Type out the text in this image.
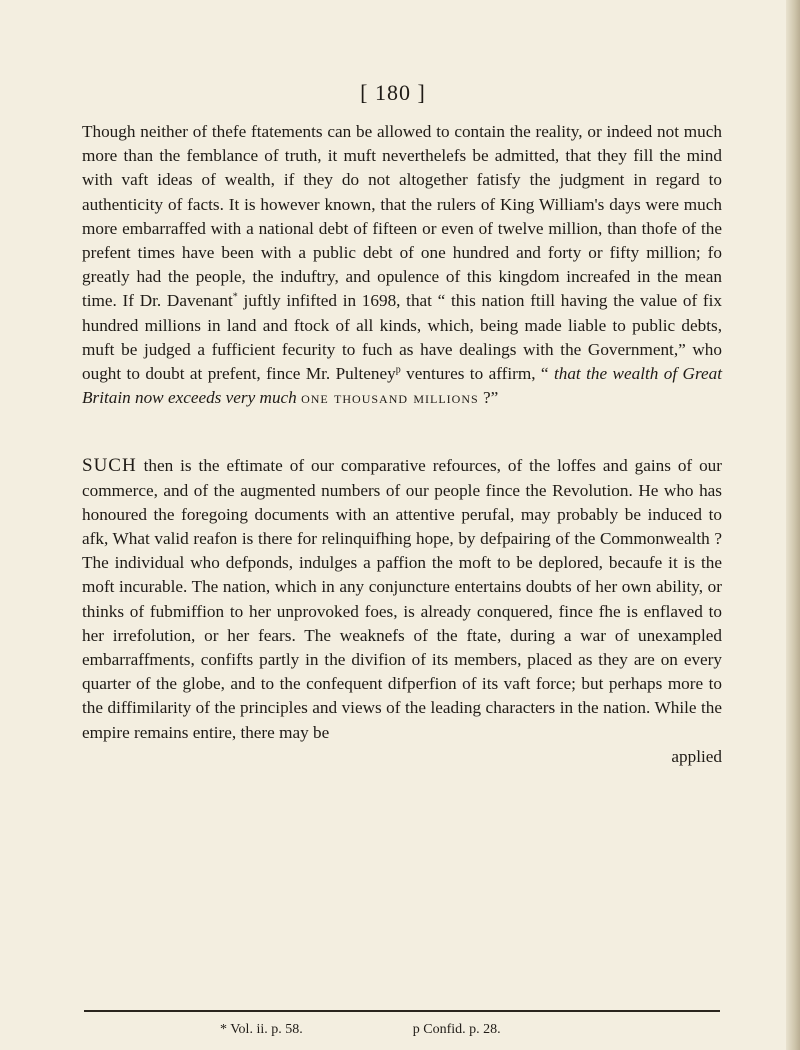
[ 180 ]

Though neither of thefe ftatements can be allowed to contain the reality, or indeed not much more than the femblance of truth, it muft neverthelefs be admitted, that they fill the mind with vaft ideas of wealth, if they do not altogether fatisfy the judgment in regard to authenticity of facts. It is however known, that the rulers of King William's days were much more embarraffed with a national debt of fifteen or even of twelve million, than thofe of the prefent times have been with a public debt of one hundred and forty or fifty million; fo greatly had the people, the induftry, and opulence of this kingdom increafed in the mean time. If Dr. Davenant* juftly infifted in 1698, that “ this nation ftill having the value of fix hundred millions in land and ftock of all kinds, which, being made liable to public debts, muft be judged a fufficient fecurity to fuch as have dealings with the Government,” who ought to doubt at prefent, fince Mr. Pulteney$^p$ ventures to affirm, “ that the wealth of Great Britain now exceeds very much one thousand millions ?”

SUCH then is the eftimate of our comparative refources, of the loffes and gains of our commerce, and of the augmented numbers of our people fince the Revolution. He who has honoured the foregoing documents with an attentive perufal, may probably be induced to afk, What valid reafon is there for relinquifhing hope, by defpairing of the Commonwealth ? The individual who defponds, indulges a paffion the moft to be deplored, becaufe it is the moft incurable. The nation, which in any conjuncture entertains doubts of her own ability, or thinks of fubmiffion to her unprovoked foes, is already conquered, fince fhe is enflaved to her irrefolution, or her fears. The weaknefs of the ftate, during a war of unexampled embarraffments, confifts partly in the divifion of its members, placed as they are on every quarter of the globe, and to the confequent difperfion of its vaft force; but perhaps more to the diffimilarity of the principles and views of the leading characters in the nation. While the empire remains entire, there may be

applied

* Vol. ii. p. 58.	p Confid. p. 28.
